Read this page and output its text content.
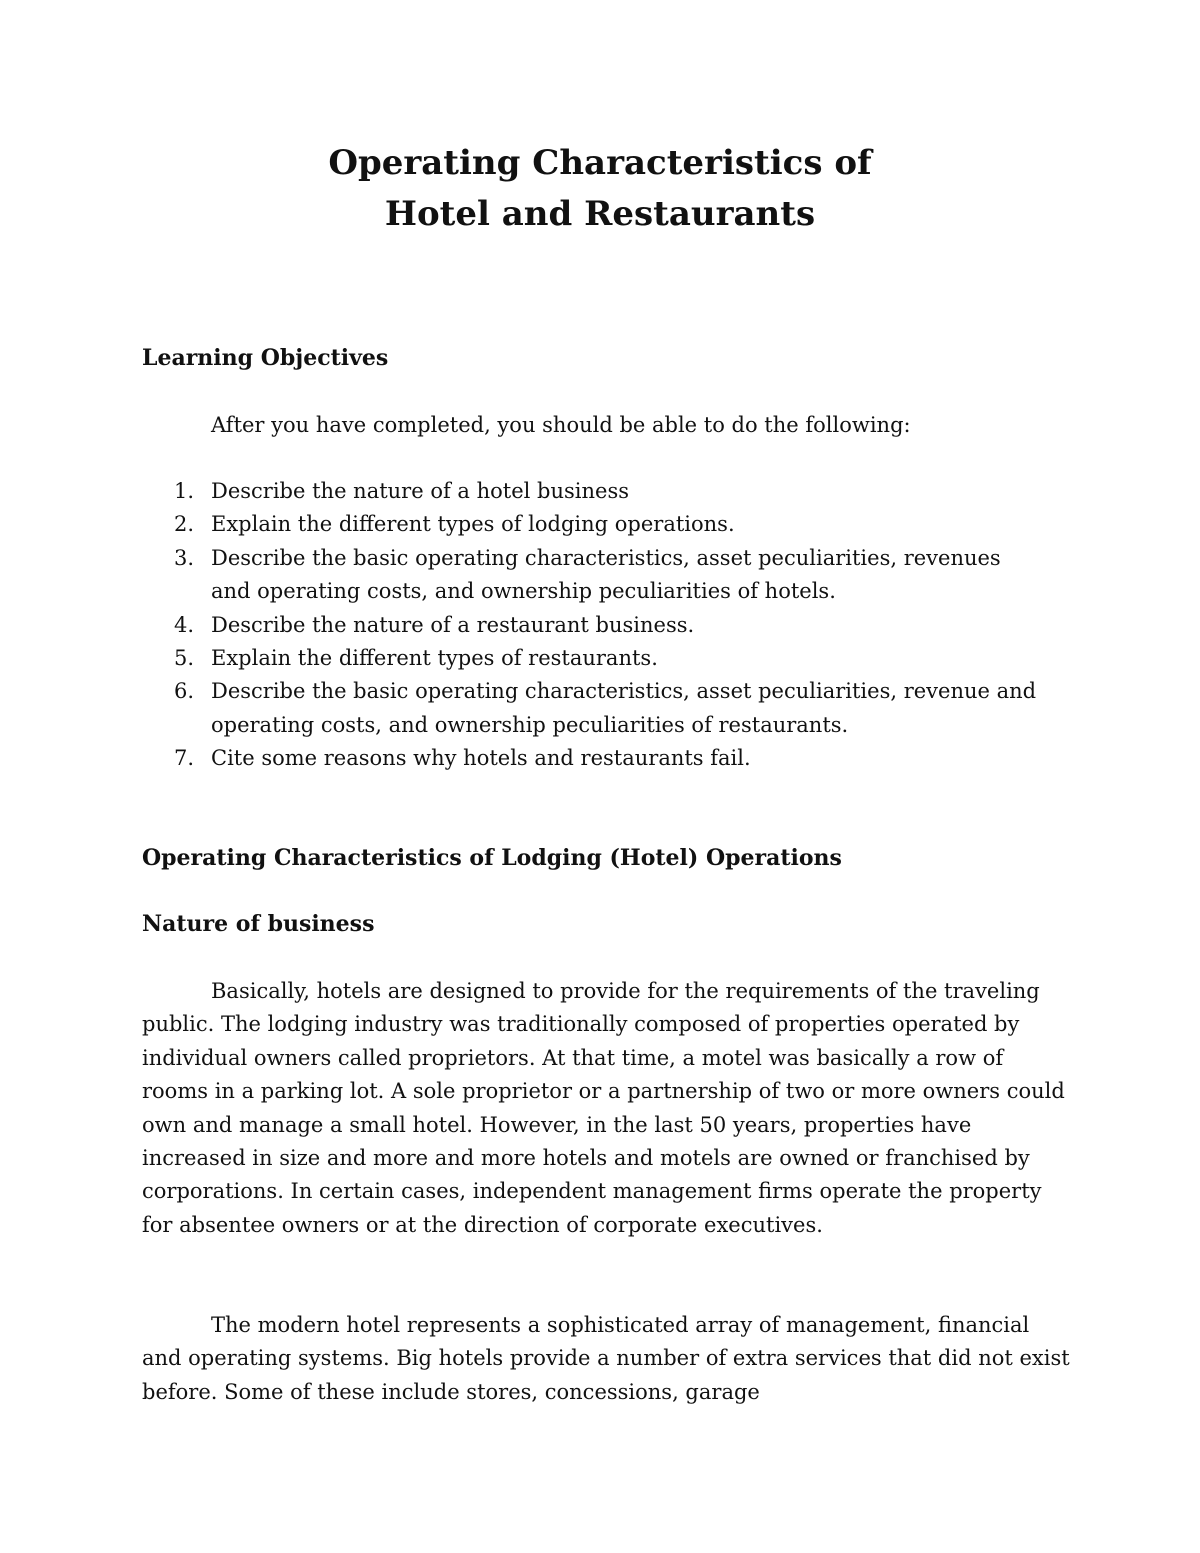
Operating Characteristics of
Hotel and Restaurants
Learning Objectives

After you have completed, you should be able to do the following:

1. Describe the nature of a hotel business
2. Explain the different types of lodging operations.
3. Describe the basic operating characteristics, asset peculiarities, revenues and operating costs, and ownership peculiarities of hotels.
4. Describe the nature of a restaurant business.
5. Explain the different types of restaurants.
6. Describe the basic operating characteristics, asset peculiarities, revenue and operating costs, and ownership peculiarities of restaurants.
7. Cite some reasons why hotels and restaurants fail.
Operating Characteristics of Lodging (Hotel) Operations
Nature of business

Basically, hotels are designed to provide for the requirements of the traveling public. The lodging industry was traditionally composed of properties operated by individual owners called proprietors. At that time, a motel was basically a row of rooms in a parking lot. A sole proprietor or a partnership of two or more owners could own and manage a small hotel. However, in the last 50 years, properties have increased in size and more and more hotels and motels are owned or franchised by corporations. In certain cases, independent management firms operate the property for absentee owners or at the direction of corporate executives.

The modern hotel represents a sophisticated array of management, financial and operating systems. Big hotels provide a number of extra services that did not exist before. Some of these include stores, concessions, garage
